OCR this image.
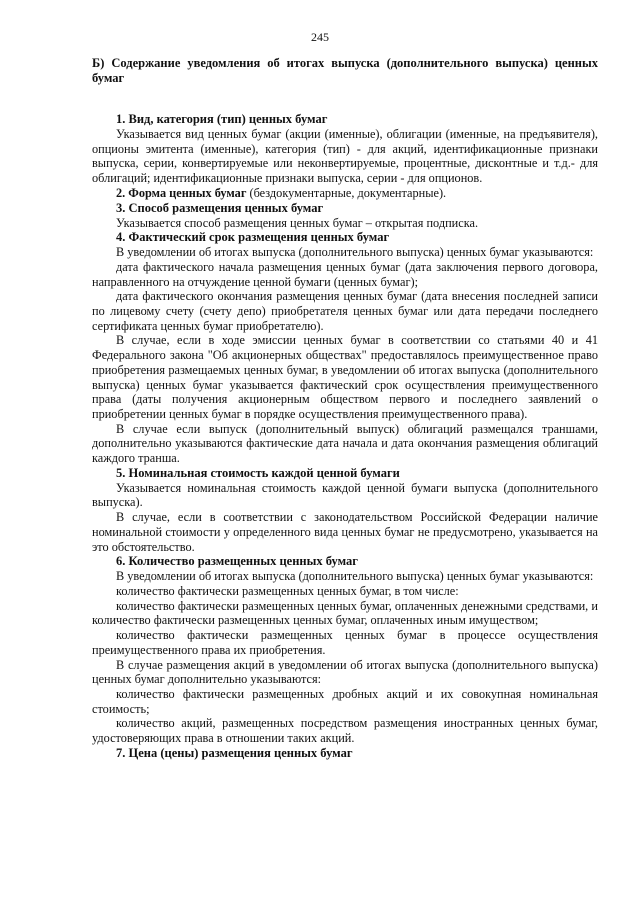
245
Б) Содержание уведомления об итогах выпуска (дополнительного выпуска) ценных бумаг
1. Вид, категория (тип) ценных бумаг

Указывается вид ценных бумаг (акции (именные), облигации (именные, на предъявителя), опционы эмитента (именные), категория (тип) - для акций, идентификационные признаки выпуска, серии, конвертируемые или неконвертируемые, процентные, дисконтные и т.д.- для облигаций; идентификационные признаки выпуска, серии - для опционов.

2. Форма ценных бумаг (бездокументарные, документарные).

3. Способ размещения ценных бумаг

Указывается способ размещения ценных бумаг – открытая подписка.

4. Фактический срок размещения ценных бумаг

В уведомлении об итогах выпуска (дополнительного выпуска) ценных бумаг указываются:

дата фактического начала размещения ценных бумаг (дата заключения первого договора, направленного на отчуждение ценной бумаги (ценных бумаг);

дата фактического окончания размещения ценных бумаг (дата внесения последней записи по лицевому счету (счету депо) приобретателя ценных бумаг или дата передачи последнего сертификата ценных бумаг приобретателю).

В случае, если в ходе эмиссии ценных бумаг в соответствии со статьями 40 и 41 Федерального закона "Об акционерных обществах" предоставлялось преимущественное право приобретения размещаемых ценных бумаг, в уведомлении об итогах выпуска (дополнительного выпуска) ценных бумаг указывается фактический срок осуществления преимущественного права (даты получения акционерным обществом первого и последнего заявлений о приобретении ценных бумаг в порядке осуществления преимущественного права).

В случае если выпуск (дополнительный выпуск) облигаций размещался траншами, дополнительно указываются фактические дата начала и дата окончания размещения облигаций каждого транша.

5. Номинальная стоимость каждой ценной бумаги

Указывается номинальная стоимость каждой ценной бумаги выпуска (дополнительного выпуска).

В случае, если в соответствии с законодательством Российской Федерации наличие номинальной стоимости у определенного вида ценных бумаг не предусмотрено, указывается на это обстоятельство.

6. Количество размещенных ценных бумаг

В уведомлении об итогах выпуска (дополнительного выпуска) ценных бумаг указываются:

количество фактически размещенных ценных бумаг, в том числе:

количество фактически размещенных ценных бумаг, оплаченных денежными средствами, и количество фактически размещенных ценных бумаг, оплаченных иным имуществом;

количество фактически размещенных ценных бумаг в процессе осуществления преимущественного права их приобретения.

В случае размещения акций в уведомлении об итогах выпуска (дополнительного выпуска) ценных бумаг дополнительно указываются:

количество фактически размещенных дробных акций и их совокупная номинальная стоимость;

количество акций, размещенных посредством размещения иностранных ценных бумаг, удостоверяющих права в отношении таких акций.

7. Цена (цены) размещения ценных бумаг
